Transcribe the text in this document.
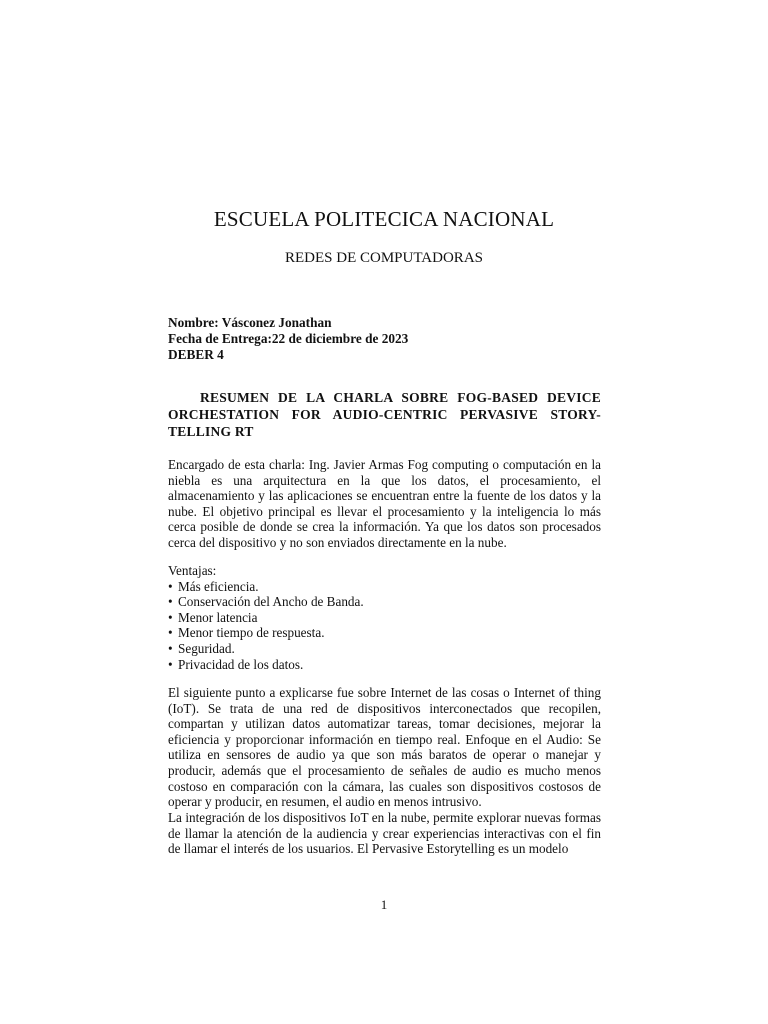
ESCUELA POLITECICA NACIONAL
REDES DE COMPUTADORAS
Nombre: Vásconez Jonathan
Fecha de Entrega:22 de diciembre de 2023
DEBER 4
RESUMEN DE LA CHARLA SOBRE FOG-BASED DEVICE ORCHESTATION FOR AUDIO-CENTRIC PERVASIVE STORY-TELLING RT
Encargado de esta charla: Ing. Javier Armas Fog computing o computación en la niebla es una arquitectura en la que los datos, el procesamiento, el almacenamiento y las aplicaciones se encuentran entre la fuente de los datos y la nube. El objetivo principal es llevar el procesamiento y la inteligencia lo más cerca posible de donde se crea la información. Ya que los datos son procesados cerca del dispositivo y no son enviados directamente en la nube.
Ventajas:
• Más eficiencia.
• Conservación del Ancho de Banda.
• Menor latencia
• Menor tiempo de respuesta.
• Seguridad.
• Privacidad de los datos.
El siguiente punto a explicarse fue sobre Internet de las cosas o Internet of thing (IoT). Se trata de una red de dispositivos interconectados que recopilen, compartan y utilizan datos automatizar tareas, tomar decisiones, mejorar la eficiencia y proporcionar información en tiempo real. Enfoque en el Audio: Se utiliza en sensores de audio ya que son más baratos de operar o manejar y producir, además que el procesamiento de señales de audio es mucho menos costoso en comparación con la cámara, las cuales son dispositivos costosos de operar y producir, en resumen, el audio en menos intrusivo.
La integración de los dispositivos IoT en la nube, permite explorar nuevas formas de llamar la atención de la audiencia y crear experiencias interactivas con el fin de llamar el interés de los usuarios. El Pervasive Estorytelling es un modelo
1
